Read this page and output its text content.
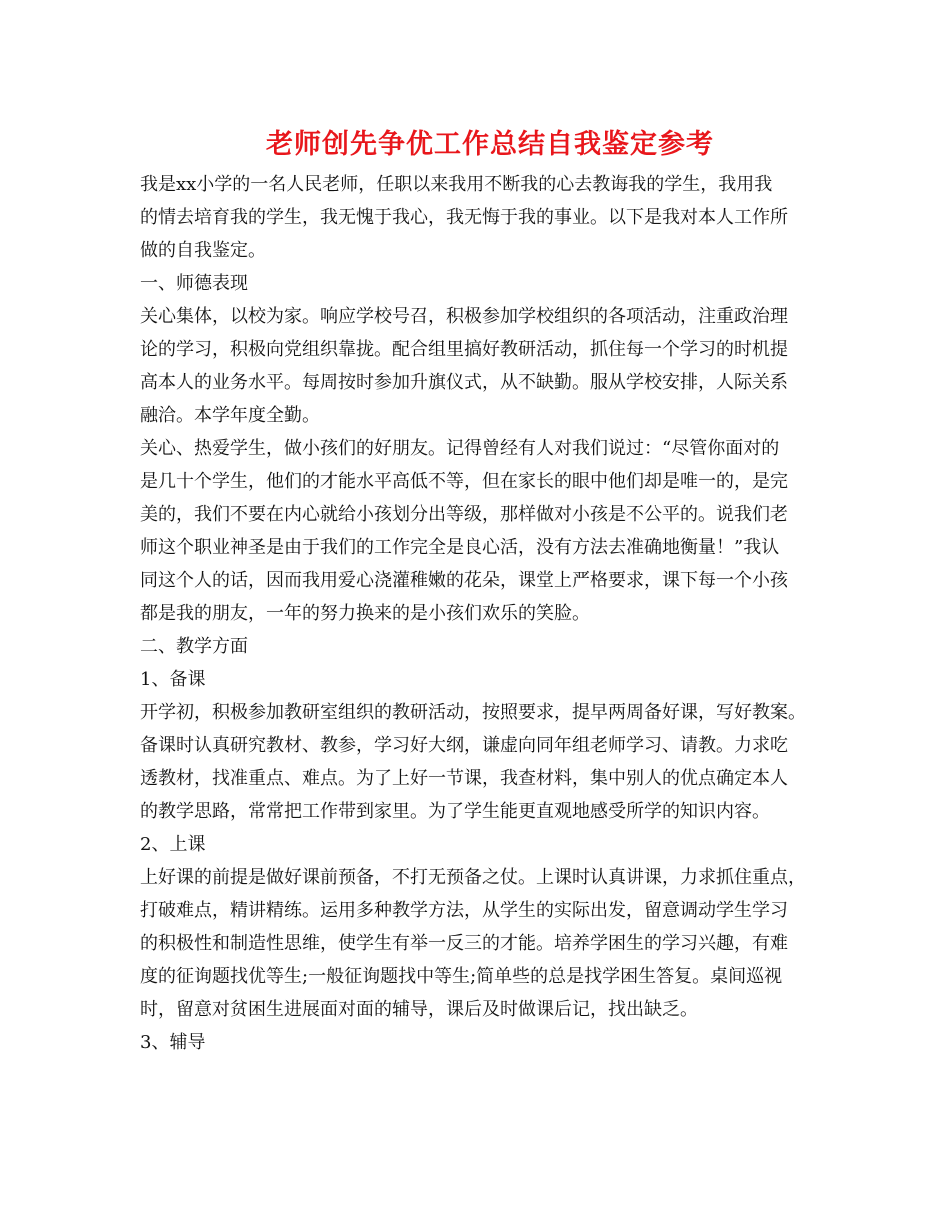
老师创先争优工作总结自我鉴定参考

我是xx小学的一名人民老师，任职以来我用不断我的心去教诲我的学生，我用我

的情去培育我的学生，我无愧于我心，我无悔于我的事业。以下是我对本人工作所

做的自我鉴定。

一、师德表现

关心集体，以校为家。响应学校号召，积极参加学校组织的各项活动，注重政治理

论的学习，积极向党组织靠拢。配合组里搞好教研活动，抓住每一个学习的时机提

高本人的业务水平。每周按时参加升旗仪式，从不缺勤。服从学校安排，人际关系

融洽。本学年度全勤。

关心、热爱学生，做小孩们的好朋友。记得曾经有人对我们说过：“尽管你面对的

是几十个学生，他们的才能水平高低不等，但在家长的眼中他们却是唯一的，是完

美的，我们不要在内心就给小孩划分出等级，那样做对小孩是不公平的。说我们老

师这个职业神圣是由于我们的工作完全是良心活，没有方法去准确地衡量！”我认

同这个人的话，因而我用爱心浇灌稚嫩的花朵，课堂上严格要求，课下每一个小孩

都是我的朋友，一年的努力换来的是小孩们欢乐的笑脸。

二、教学方面

1、备课

开学初，积极参加教研室组织的教研活动，按照要求，提早两周备好课，写好教案。

备课时认真研究教材、教参，学习好大纲，谦虚向同年组老师学习、请教。力求吃

透教材，找准重点、难点。为了上好一节课，我查材料，集中别人的优点确定本人

的教学思路，常常把工作带到家里。为了学生能更直观地感受所学的知识内容。

2、上课

上好课的前提是做好课前预备，不打无预备之仗。上课时认真讲课，力求抓住重点，

打破难点，精讲精练。运用多种教学方法，从学生的实际出发，留意调动学生学习

的积极性和制造性思维，使学生有举一反三的才能。培养学困生的学习兴趣，有难

度的征询题找优等生;一般征询题找中等生;简单些的总是找学困生答复。桌间巡视

时，留意对贫困生进展面对面的辅导，课后及时做课后记，找出缺乏。

3、辅导
